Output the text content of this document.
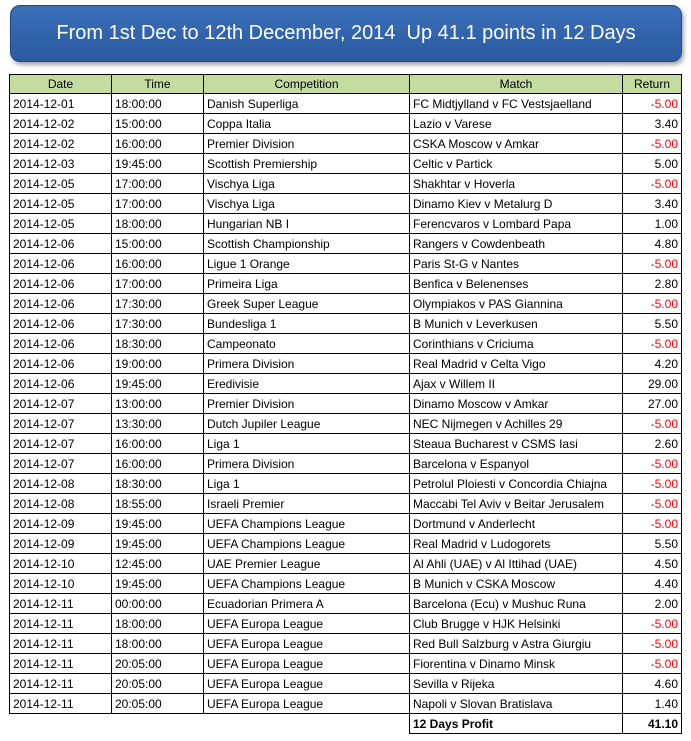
From 1st Dec to 12th December, 2014  Up 41.1 points in 12 Days
Date	Time	Competition	Match	Return
2014-12-01	18:00:00	Danish Superliga	FC Midtjylland v FC Vestsjaelland	-5.00
2014-12-02	15:00:00	Coppa Italia	Lazio v Varese	3.40
2014-12-02	16:00:00	Premier Division	CSKA Moscow v Amkar	-5.00
2014-12-03	19:45:00	Scottish Premiership	Celtic v Partick	5.00
2014-12-05	17:00:00	Vischya Liga	Shakhtar v Hoverla	-5.00
2014-12-05	17:00:00	Vischya Liga	Dinamo Kiev v Metalurg D	3.40
2014-12-05	18:00:00	Hungarian NB I	Ferencvaros v Lombard Papa	1.00
2014-12-06	15:00:00	Scottish Championship	Rangers v Cowdenbeath	4.80
2014-12-06	16:00:00	Ligue 1 Orange	Paris St-G v Nantes	-5.00
2014-12-06	17:00:00	Primeira Liga	Benfica v Belenenses	2.80
2014-12-06	17:30:00	Greek Super League	Olympiakos v PAS Giannina	-5.00
2014-12-06	17:30:00	Bundesliga 1	B Munich v Leverkusen	5.50
2014-12-06	18:30:00	Campeonato	Corinthians v Criciuma	-5.00
2014-12-06	19:00:00	Primera Division	Real Madrid v Celta Vigo	4.20
2014-12-06	19:45:00	Eredivisie	Ajax v Willem II	29.00
2014-12-07	13:00:00	Premier Division	Dinamo Moscow v Amkar	27.00
2014-12-07	13:30:00	Dutch Jupiler League	NEC Nijmegen v Achilles 29	-5.00
2014-12-07	16:00:00	Liga 1	Steaua Bucharest v CSMS Iasi	2.60
2014-12-07	16:00:00	Primera Division	Barcelona v Espanyol	-5.00
2014-12-08	18:30:00	Liga 1	Petrolul Ploiesti v Concordia Chiajna	-5.00
2014-12-08	18:55:00	Israeli Premier	Maccabi Tel Aviv v Beitar Jerusalem	-5.00
2014-12-09	19:45:00	UEFA Champions League	Dortmund v Anderlecht	-5.00
2014-12-09	19:45:00	UEFA Champions League	Real Madrid v Ludogorets	5.50
2014-12-10	12:45:00	UAE Premier League	Al Ahli (UAE) v Al Ittihad (UAE)	4.50
2014-12-10	19:45:00	UEFA Champions League	B Munich v CSKA Moscow	4.40
2014-12-11	00:00:00	Ecuadorian Primera A	Barcelona (Ecu) v Mushuc Runa	2.00
2014-12-11	18:00:00	UEFA Europa League	Club Brugge v HJK Helsinki	-5.00
2014-12-11	18:00:00	UEFA Europa League	Red Bull Salzburg v Astra Giurgiu	-5.00
2014-12-11	20:05:00	UEFA Europa League	Fiorentina v Dinamo Minsk	-5.00
2014-12-11	20:05:00	UEFA Europa League	Sevilla v Rijeka	4.60
2014-12-11	20:05:00	UEFA Europa League	Napoli v Slovan Bratislava	1.40
			12 Days Profit	41.10
